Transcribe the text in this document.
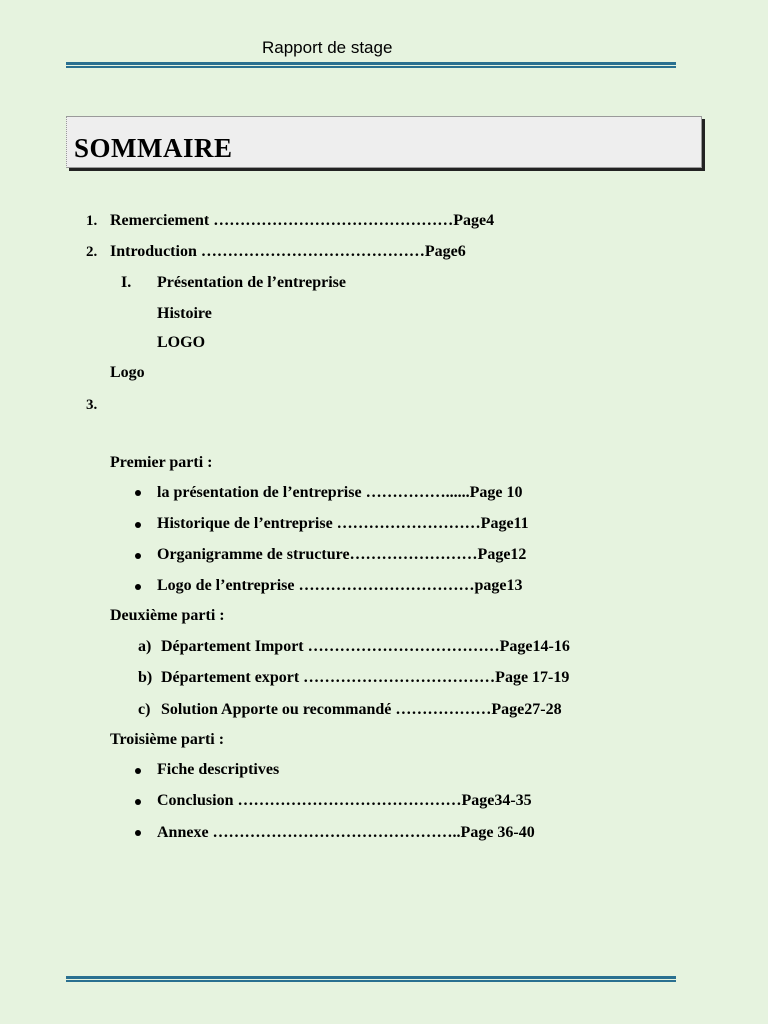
Rapport de stage
SOMMAIRE
1. Remerciement ………………………………………Page4
2. Introduction ……………………………………Page6
I. Présentation de l’entreprise
Histoire
LOGO
Logo
3.
Premier parti :
la présentation de l’entreprise ……………......Page 10
Historique de l’entreprise ………………………Page11
Organigramme de structure……………………Page12
Logo de l’entreprise ……………………………page13
Deuxième parti :
a) Département Import ………………………………Page14-16
b) Département export ………………………………Page 17-19
c) Solution Apporte ou recommandé ………………Page27-28
Troisième parti :
Fiche descriptives
Conclusion ……………………………………Page34-35
Annexe ………………………………………..Page 36-40
